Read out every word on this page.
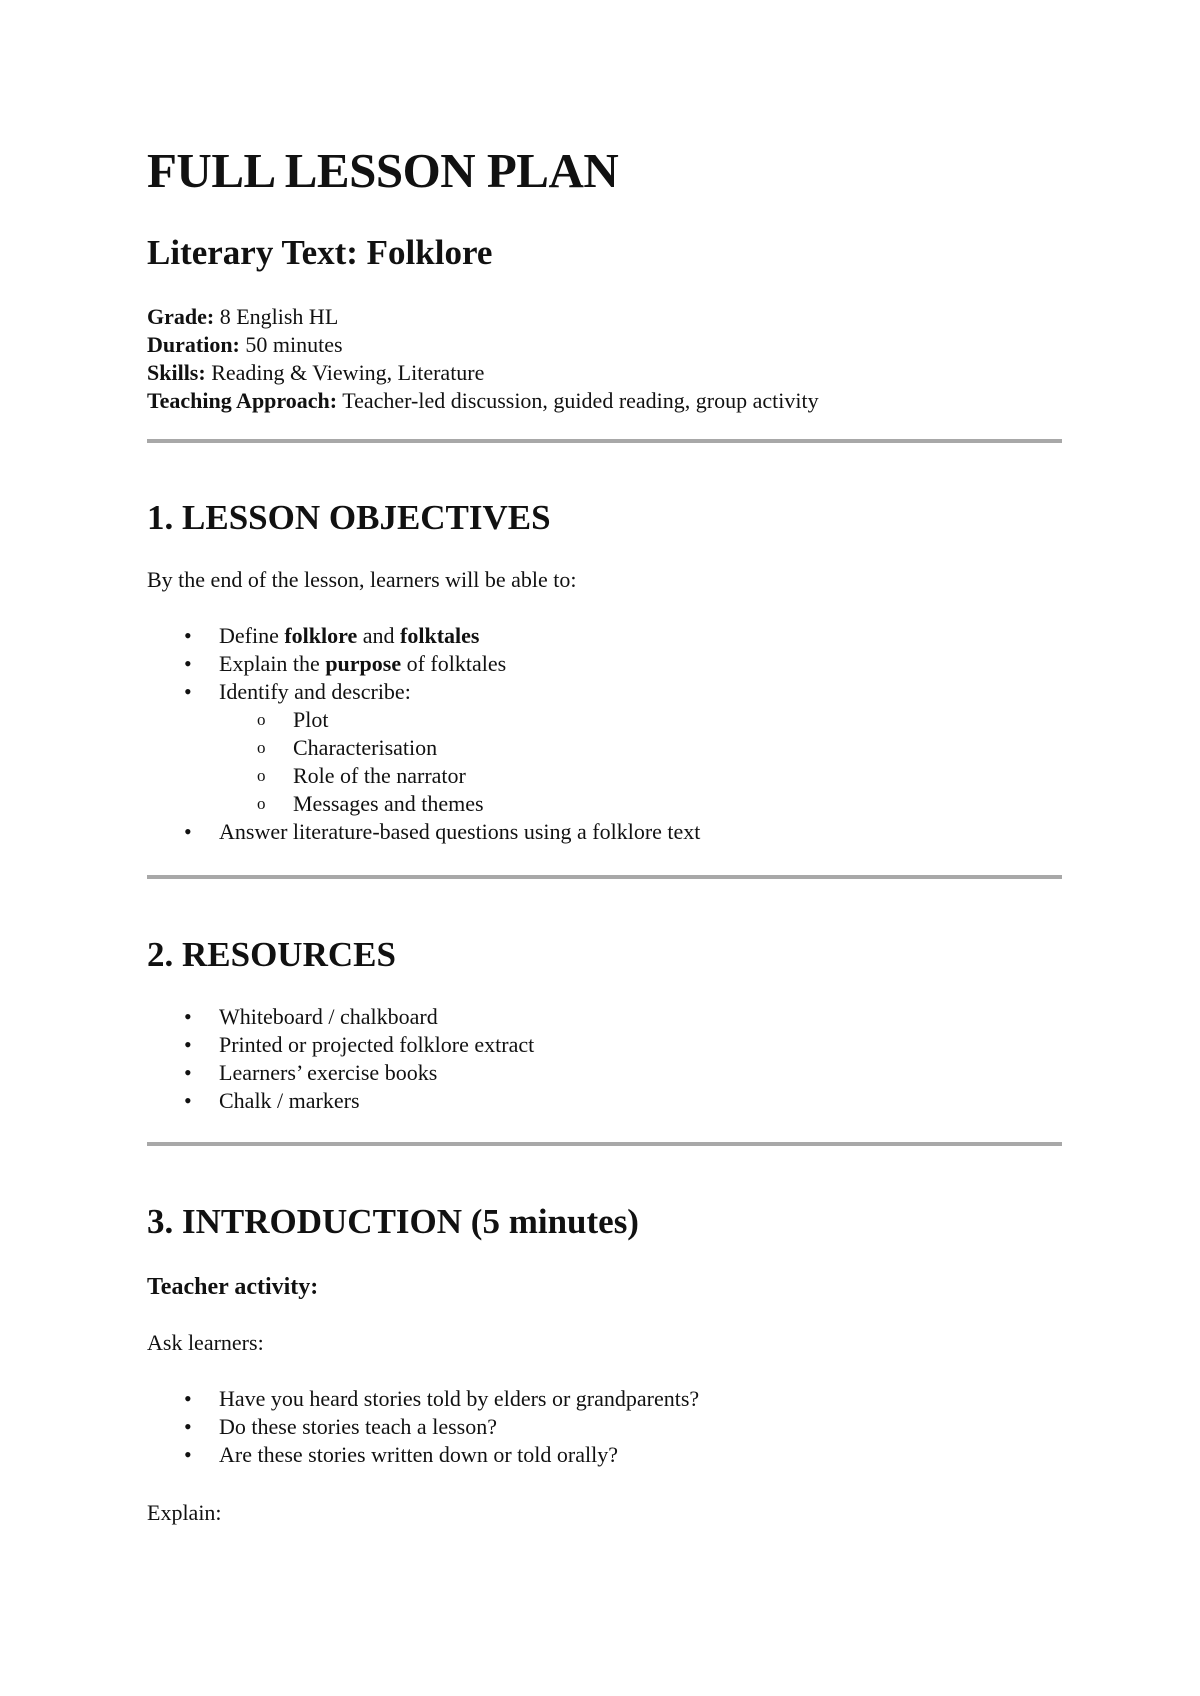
FULL LESSON PLAN
Literary Text: Folklore
Grade: 8 English HL
Duration: 50 minutes
Skills: Reading & Viewing, Literature
Teaching Approach: Teacher-led discussion, guided reading, group activity
1. LESSON OBJECTIVES

By the end of the lesson, learners will be able to:

• Define folklore and folktales
• Explain the purpose of folktales
• Identify and describe:
o Plot
o Characterisation
o Role of the narrator
o Messages and themes
• Answer literature-based questions using a folklore text
2. RESOURCES
• Whiteboard / chalkboard
• Printed or projected folklore extract
• Learners’ exercise books
• Chalk / markers
3. INTRODUCTION (5 minutes)
Teacher activity:

Ask learners:

• Have you heard stories told by elders or grandparents?
• Do these stories teach a lesson?
• Are these stories written down or told orally?

Explain:
